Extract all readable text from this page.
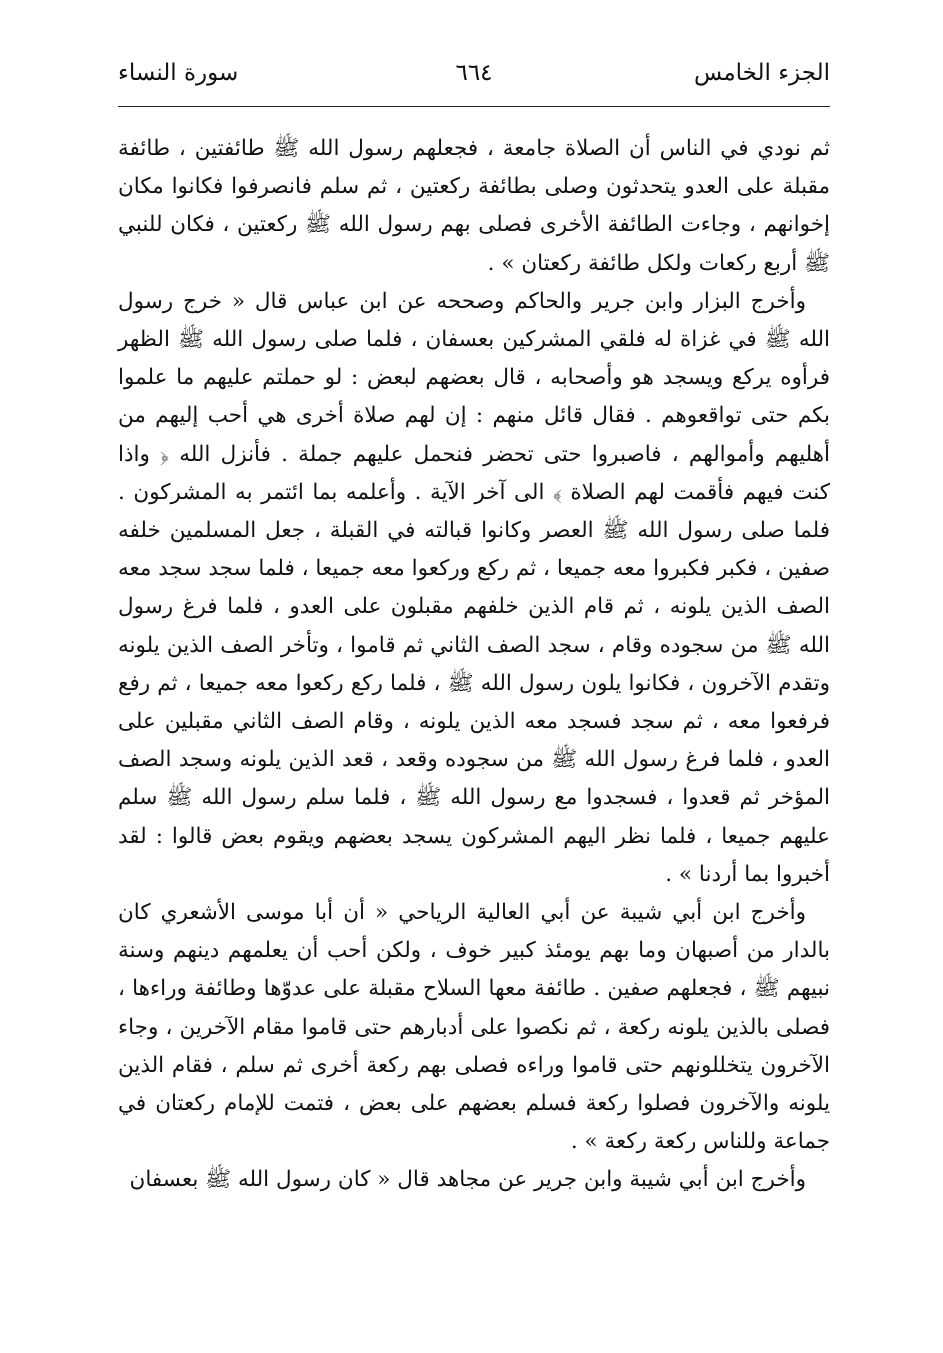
الجزء الخامس
٦٦٤
سورة النساء

ثم نودي في الناس أن الصلاة جامعة ، فجعلهم رسول الله ﷺ طائفتين ، طائفة مقبلة على العدو يتحدثون وصلى بطائفة ركعتين ، ثم سلم فانصرفوا فكانوا مكان إخوانهم ، وجاءت الطائفة الأخرى فصلى بهم رسول الله ﷺ ركعتين ، فكان للنبي ﷺ أربع ركعات ولكل طائفة ركعتان » .

وأخرج البزار وابن جرير والحاكم وصححه عن ابن عباس قال « خرج رسول الله ﷺ في غزاة له فلقي المشركين بعسفان ، فلما صلى رسول الله ﷺ الظهر فرأوه يركع ويسجد هو وأصحابه ، قال بعضهم لبعض : لو حملتم عليهم ما علموا بكم حتى تواقعوهم . فقال قائل منهم : إن لهم صلاة أخرى هي أحب إليهم من أهليهم وأموالهم ، فاصبروا حتى تحضر فنحمل عليهم جملة . فأنزل الله ﴿ واذا كنت فيهم فأقمت لهم الصلاة ﴾ الى آخر الآية . وأعلمه بما ائتمر به المشركون . فلما صلى رسول الله ﷺ العصر وكانوا قبالته في القبلة ، جعل المسلمين خلفه صفين ، فكبر فكبروا معه جميعا ، ثم ركع وركعوا معه جميعا ، فلما سجد سجد معه الصف الذين يلونه ، ثم قام الذين خلفهم مقبلون على العدو ، فلما فرغ رسول الله ﷺ من سجوده وقام ، سجد الصف الثاني ثم قاموا ، وتأخر الصف الذين يلونه وتقدم الآخرون ، فكانوا يلون رسول الله ﷺ ، فلما ركع ركعوا معه جميعا ، ثم رفع فرفعوا معه ، ثم سجد فسجد معه الذين يلونه ، وقام الصف الثاني مقبلين على العدو ، فلما فرغ رسول الله ﷺ من سجوده وقعد ، قعد الذين يلونه وسجد الصف المؤخر ثم قعدوا ، فسجدوا مع رسول الله ﷺ ، فلما سلم رسول الله ﷺ سلم عليهم جميعا ، فلما نظر اليهم المشركون يسجد بعضهم ويقوم بعض قالوا : لقد أخبروا بما أردنا » .

وأخرج ابن أبي شيبة عن أبي العالية الرياحي « أن أبا موسى الأشعري كان بالدار من أصبهان وما بهم يومئذ كبير خوف ، ولكن أحب أن يعلمهم دينهم وسنة نبيهم ﷺ ، فجعلهم صفين . طائفة معها السلاح مقبلة على عدوّها وطائفة وراءها ، فصلى بالذين يلونه ركعة ، ثم نكصوا على أدبارهم حتى قاموا مقام الآخرين ، وجاء الآخرون يتخللونهم حتى قاموا وراءه فصلى بهم ركعة أخرى ثم سلم ، فقام الذين يلونه والآخرون فصلوا ركعة فسلم بعضهم على بعض ، فتمت للإمام ركعتان في جماعة وللناس ركعة ركعة » .

وأخرج ابن أبي شيبة وابن جرير عن مجاهد قال « كان رسول الله ﷺ بعسفان
